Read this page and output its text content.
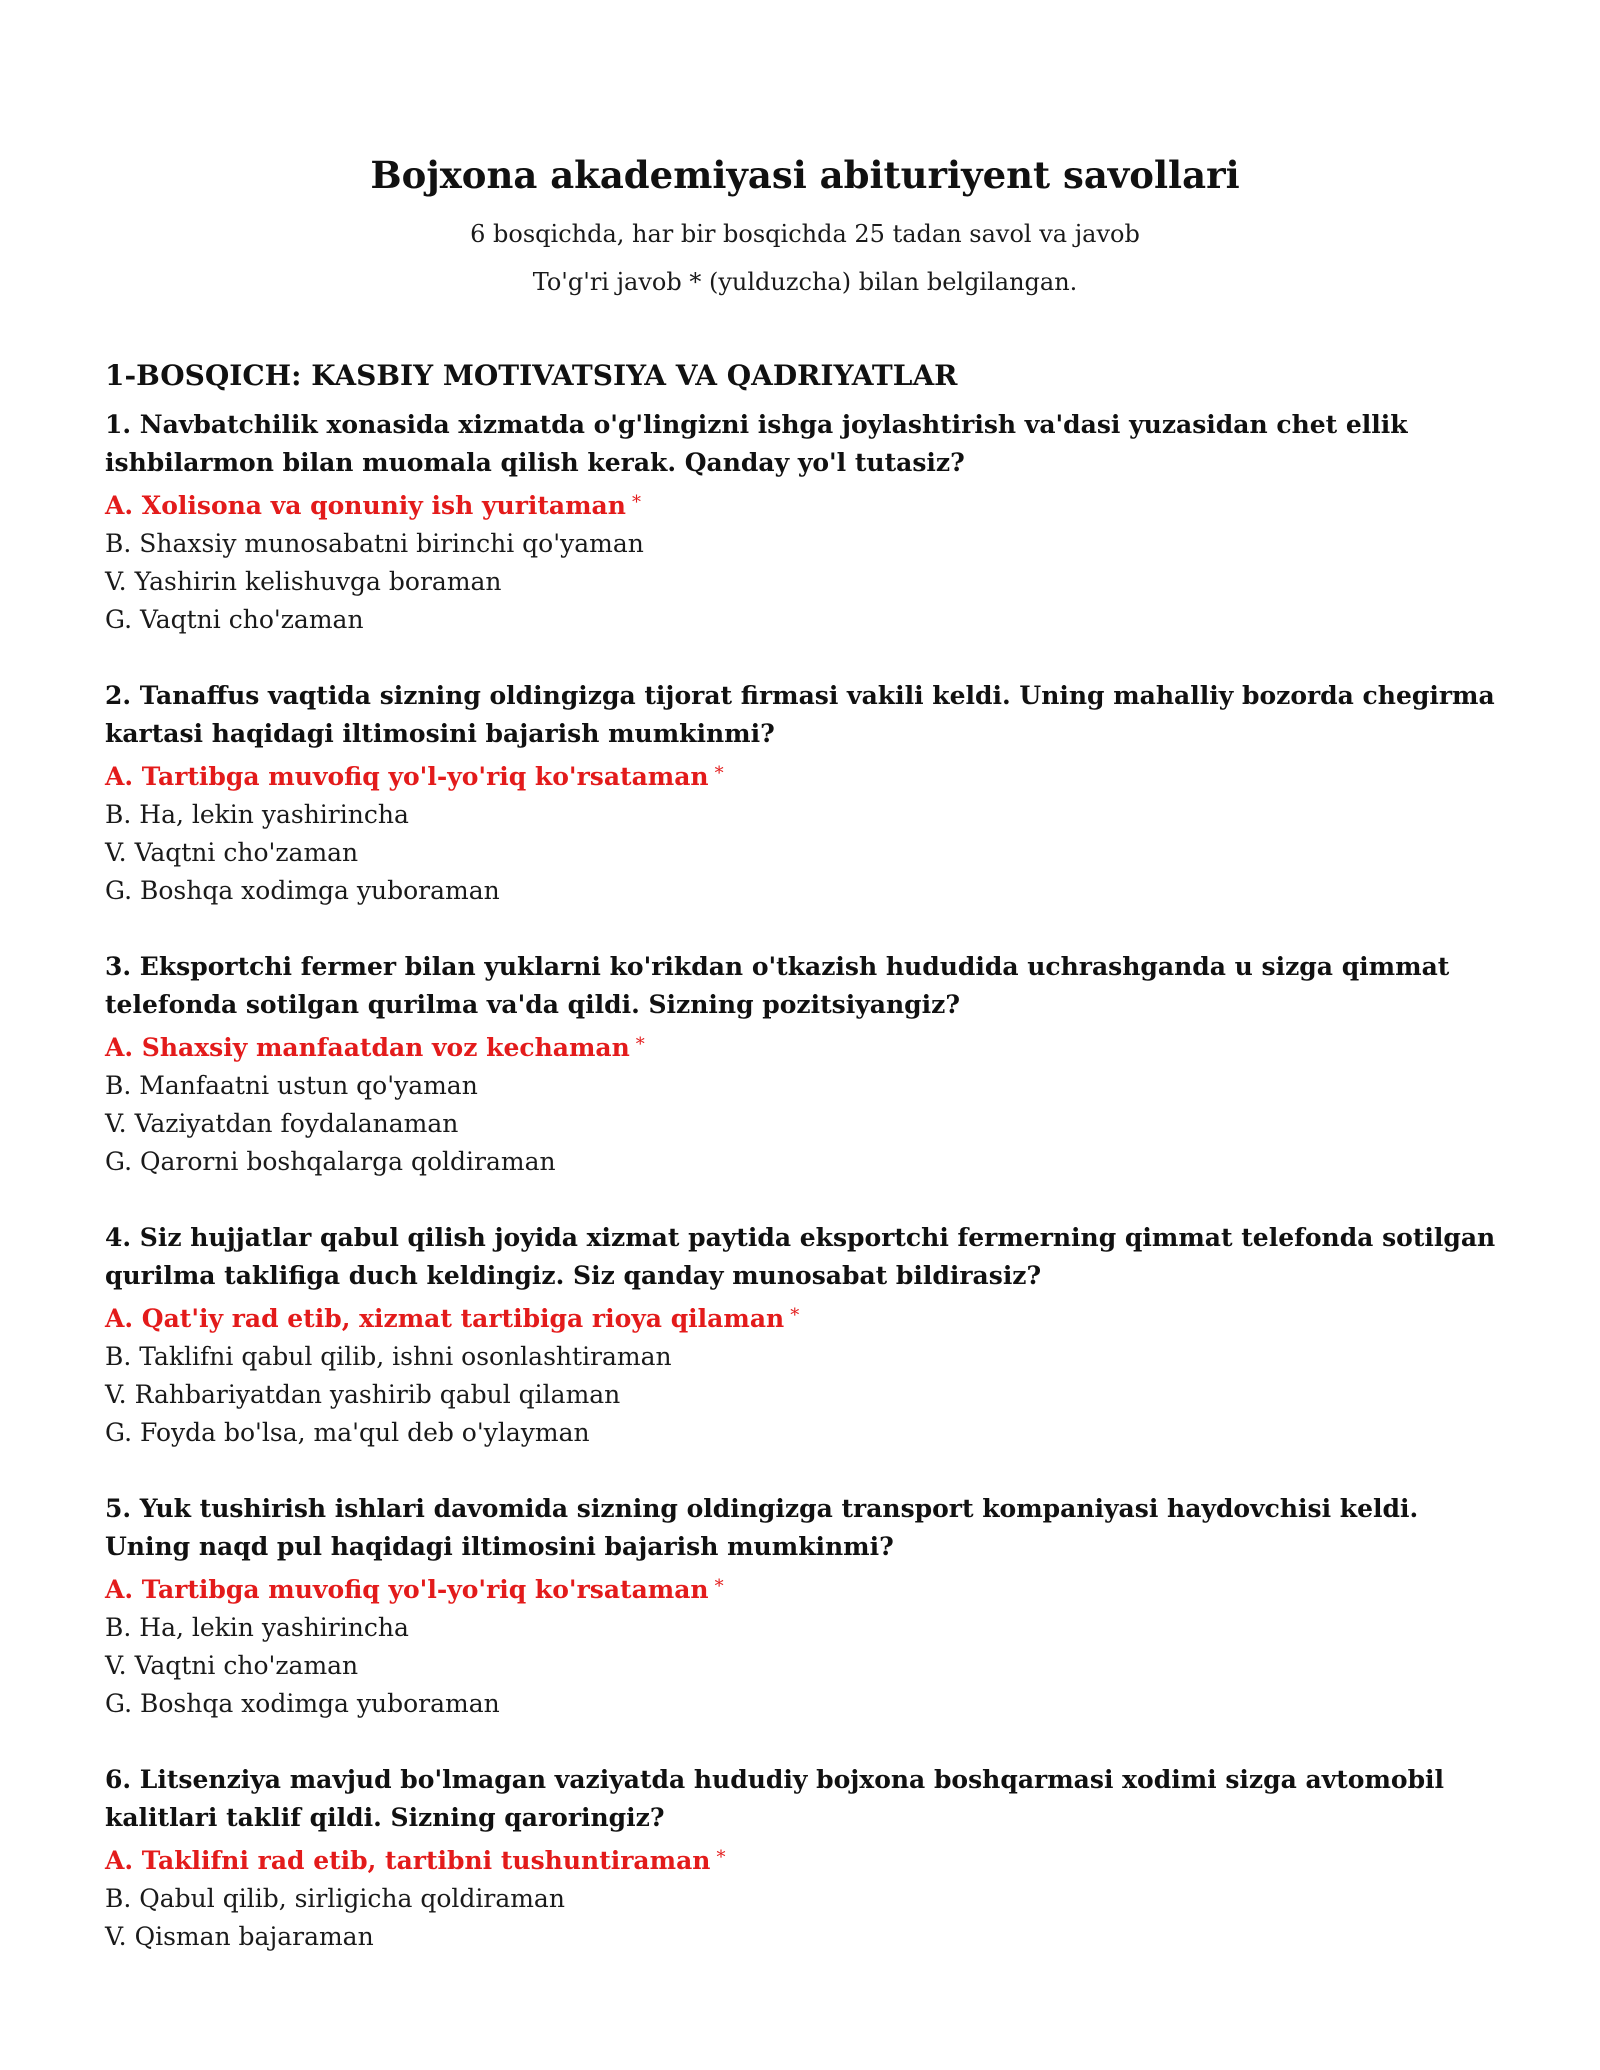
Bojxona akademiyasi abituriyent savollari

6 bosqichda, har bir bosqichda 25 tadan savol va javob

To'g'ri javob * (yulduzcha) bilan belgilangan.

1-BOSQICH: KASBIY MOTIVATSIYA VA QADRIYATLAR

1. Navbatchilik xonasida xizmatda o'g'lingizni ishga joylashtirish va'dasi yuzasidan chet ellik ishbilarmon bilan muomala qilish kerak. Qanday yo'l tutasiz?

A. Xolisona va qonuniy ish yuritaman *

B. Shaxsiy munosabatni birinchi qo'yaman

V. Yashirin kelishuvga boraman

G. Vaqtni cho'zaman

2. Tanaffus vaqtida sizning oldingizga tijorat firmasi vakili keldi. Uning mahalliy bozorda chegirma kartasi haqidagi iltimosini bajarish mumkinmi?

A. Tartibga muvofiq yo'l-yo'riq ko'rsataman *

B. Ha, lekin yashirincha

V. Vaqtni cho'zaman

G. Boshqa xodimga yuboraman

3. Eksportchi fermer bilan yuklarni ko'rikdan o'tkazish hududida uchrashganda u sizga qimmat telefonda sotilgan qurilma va'da qildi. Sizning pozitsiyangiz?

A. Shaxsiy manfaatdan voz kechaman *

B. Manfaatni ustun qo'yaman

V. Vaziyatdan foydalanaman

G. Qarorni boshqalarga qoldiraman

4. Siz hujjatlar qabul qilish joyida xizmat paytida eksportchi fermerning qimmat telefonda sotilgan qurilma taklifiga duch keldingiz. Siz qanday munosabat bildirasiz?

A. Qat'iy rad etib, xizmat tartibiga rioya qilaman *

B. Taklifni qabul qilib, ishni osonlashtiraman

V. Rahbariyatdan yashirib qabul qilaman

G. Foyda bo'lsa, ma'qul deb o'ylayman

5. Yuk tushirish ishlari davomida sizning oldingizga transport kompaniyasi haydovchisi keldi. Uning naqd pul haqidagi iltimosini bajarish mumkinmi?

A. Tartibga muvofiq yo'l-yo'riq ko'rsataman *

B. Ha, lekin yashirincha

V. Vaqtni cho'zaman

G. Boshqa xodimga yuboraman

6. Litsenziya mavjud bo'lmagan vaziyatda hududiy bojxona boshqarmasi xodimi sizga avtomobil kalitlari taklif qildi. Sizning qaroringiz?

A. Taklifni rad etib, tartibni tushuntiraman *

B. Qabul qilib, sirligicha qoldiraman

V. Qisman bajaraman
